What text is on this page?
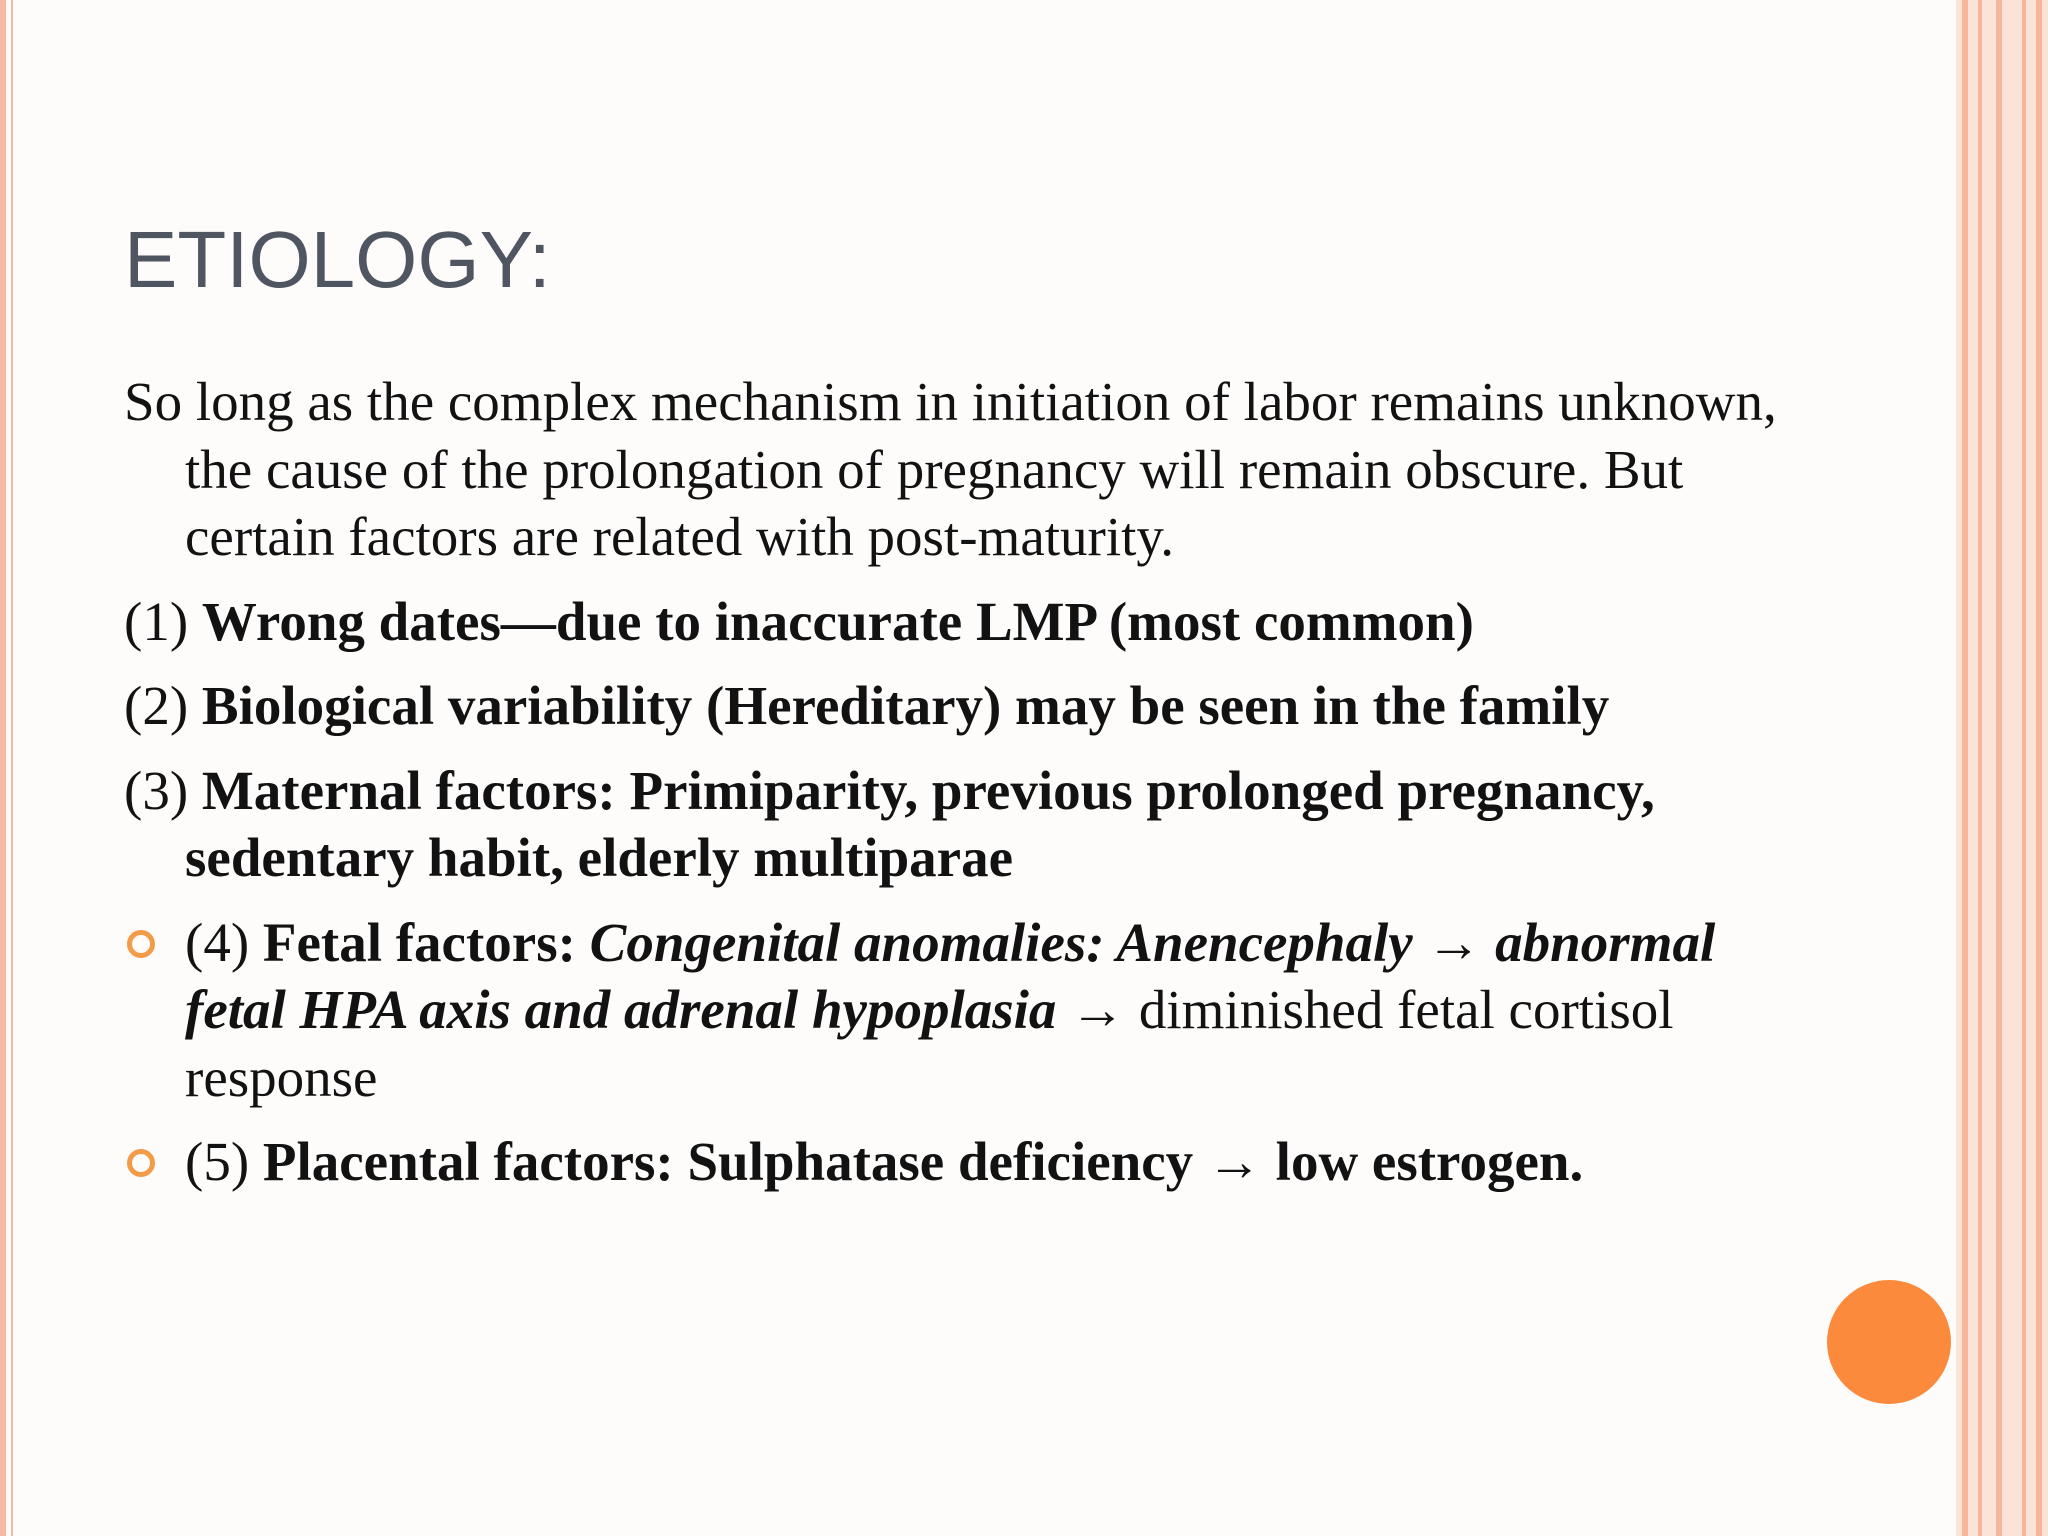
ETIOLOGY:

So long as the complex mechanism in initiation of labor remains unknown, the cause of the prolongation of pregnancy will remain obscure. But certain factors are related with post-maturity.

(1) Wrong dates—due to inaccurate LMP (most common)

(2) Biological variability (Hereditary) may be seen in the family

(3) Maternal factors: Primiparity, previous prolonged pregnancy, sedentary habit, elderly multiparae

(4) Fetal factors: Congenital anomalies: Anencephaly → abnormal fetal HPA axis and adrenal hypoplasia → diminished fetal cortisol response

(5) Placental factors: Sulphatase deficiency → low estrogen.
